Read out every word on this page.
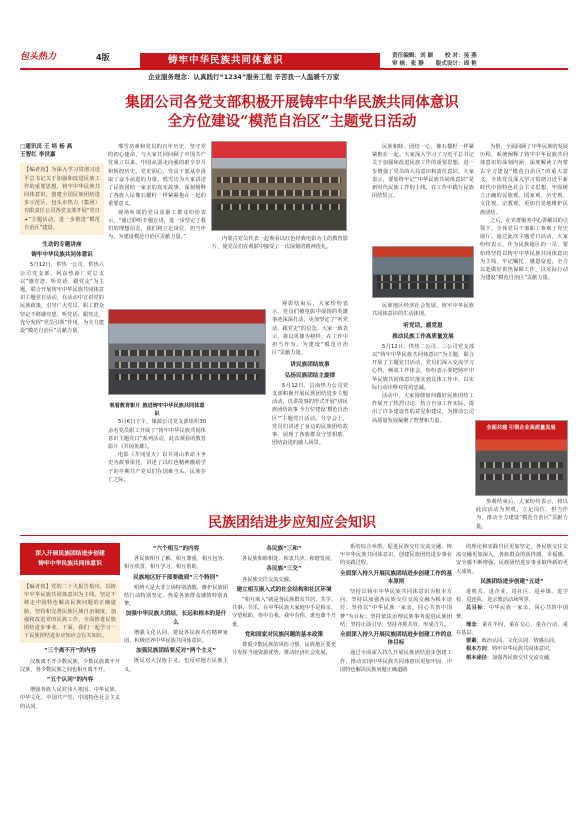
包头热力	4版	铸牢中华民族共同体意识	责任编辑：刘 颖 校 对：吴 燕
审 核：张 静 版式设计：周 艳
企业服务理念：认真践行“1234”服务工程 辛苦我一人温暖千万家
集团公司各党支部积极开展铸牢中华民族共同体意识
全方位建设“模范自治区”主题党日活动
□通讯员 王 培 杨 高
王智红 李世嘉
【编者按】为深入学习贯彻习近平总书记关于加强和改进民族工作的重要思想，铸牢中华民族共同体意识，创建全国民族团结进步示范区，包头市热力（集团）有限责任公司各党支部开展“党日+”主题活动，进一步推进“模范自治区”建设。
生动的专题讲座
铸牢中华民族共同体意识
5月12日，供热一公司、供热六公司党支部、阿东热源厂党总支以“感党恩、听党话、跟党走”为主题，联合开展铸牢中华民族共同体意识主题党日活动，在活动中宣讲党的民族政策，引导广大党员、职工群众坚定不移感党恩、听党话、跟党走，充分发挥“党员引领”作用，为全力建设“模范自治区”贡献力量。
邢雪功素和党员的百年历史、坚守党的初心使命，与大家共同回顾了中国共产党成立以来，中国从弱走向强的艰辛岁月和辉煌历史，党史润心，党员干部从中汲取了奋斗前进的力量。邢雪功为大家讲述了民族团结一家亲的真实故事，深刻阐释了各族人民像石榴籽一样紧紧抱在一起的重要意义。
现场听课的党员及职工群众纷纷表示，“通过聆听专题宣讲，进一步坚定了我们的理想信念，我们将立足岗位，担当作为，为建设模范自治区贡献力量。”
观看教育影片 推进铸牢中华民族共同体意识
5月6日下午，煤源公司党支部组织30余名党员职工开展了“铸牢中华民族共同体意识主题党日”系列活动，此次观看的教育影片《井冈英雄》。
电影《井冈星火》以井冈山革命斗争史为故事依托，讲述了以红色精神激励学子的早期共产党员们在国难当头、民族存亡之际，
内蒙古党员代表一起观看以红色经典电影为主的教育影片，使党员们在观影中接受了一次深刻的精神洗礼。
观影结束后，大家纷纷表示，党员们被电影中展现的英雄事迹深深打动，更加坚定了“听党话、跟党走”的信念。大家一致表示，将以英雄为榜样，在工作中担当作为，为建设“模范自治区”贡献力量。
讲民族团结故事
弘扬民族团结主旋律
5月12日，昌南热力公司党支部积极开展民族团结进步主题活动，以讲故事的形式开展“讲民族团结故事 全方位建设‘模范自治区’”主题党日活动。分享会上，党员们讲述了身边的民族团结故事，展现了各族群众守望相助、团结奋进的感人场景。
民族和睦、团结一心，像石榴籽一样紧紧抱在一起。大家深入学习了习近平总书记关于加强和改进民族工作的重要思想，进一步增强了党员的大局意识和责任意识。大家表示，要始终牢记“中华民族共同体意识”是新时代民族工作的主线，在工作中践行民族团结誓言。
民族地区经济社会发展，铸牢中华民族共同体意识的生动体现。
听党话，感党恩
推动民族工作高质量发展
5月12日，供热二公司、三公司党支部以“铸牢中华民族共同体意识”为主题，联合开展了主题党日活动，党员们深入交流学习心得，畅谈工作体会，纷纷表示要把铸牢中华民族共同体意识落实到具体工作中，以实际行动诠释对党的忠诚。
活动中，大家围绕如何做好民族团结工作展开了热烈讨论，结合自身工作实际，提出了许多建设性的意见和建议，为推动公司高质量发展凝聚了智慧和力量。
为帮，全面回顾了中华民族的发展历程，系统阐释了铸牢中华民族共同体意识的深刻内涵、深度解读了内蒙古全力建设“模范自治区”的重大意义。全体党员深入学习贯彻习近平新时代中国特色社会主义思想，牢固树立正确的民族观、国家观、历史观、文化观、宗教观，更加自觉地维护民族团结。
之后，在党群服务中心讲解员的引领下，全体党员干部职工参观了党史展厅，通过此次主题党日活动，大家纷纷表示，作为民族地区的一员，要始终坚持以铸牢中华民族共同体意识为主线，牢记嘱托、感恩奋进，全力以赴做好供热保障工作，以实际行动为建设“模范自治区”贡献力量。
全面共建 引领企业高质量发展
参观结束后，大家纷纷表示，将以此次活动为契机，立足岗位、担当作为，推动全力建设“模范自治区”贡献力量。
民族团结进步应知应会知识
深入开展民族团结进步创建
铸牢中华民族共同体意识
【编者按】党的二十大报告指出，以铸牢中华民族共同体意识为主线，坚定不移走中国特色解决民族问题的正确道路，坚持和完善民族区域自治制度，加强和改进党的民族工作，全面推进民族团结进步事业。下面，我们一起学习一下民族团结进步应知应会有关知识。
“三个离不开”的内容
汉族离不开少数民族，少数民族离不开汉族，各少数民族之间也相互离不开。
“五个认同”的内容
增强各族人民对伟大祖国、中华民族、中华文化、中国共产党、中国特色社会主义的认同。
“六个相互”的内容
各民族相互了解、相互尊重、相互包容、相互欣赏、相互学习、相互帮助。
民族地区好干部要做到“三个特别”
明辨大是大非立场特别清醒、维护民族团结行动特别坚定、热爱各族群众感情特别真挚。
加强中华民族大团结，长远和根本的是什么
增强文化认同，建设各民族共有精神家园，积极培养中华民族共同体意识。
加强民族团结要反对“两个主义”
既反对大汉族主义，也反对地方民族主义。
各民族“三和”
各民族和睦相处、和衷共济、和谐发展。
各民族“三交”
各民族交往交流交融。
建立相互嵌入式的社会结构和社区环境
“相互嵌入”就是各民族群众共居、共学、共事、共乐，在中华民族大家庭中手足相亲、守望相助。你中有我、我中有你，谁也离不开谁。
党和国家对民族问题的基本政策
尊重少数民族的风俗习惯，民族地区要充分发挥当地资源优势，推动经济社会发展。
系的综合举措，促进民族交往交流交融，铸牢中华民族共同体意识，创建民族团结进步事业的实践过程。
全面深入持久开展民族团结进步创建工作的基本原则
坚持以铸牢中华民族共同体意识为根本方向；坚持以加强各民族交往交流交融为根本途径；坚持以“中华民族一家亲，同心共筑中国梦”为目标；坚持依法治理民族事务促进民族团结；坚持正面引导；坚持齐抓共管，形成合力。
全面深入持久开展民族团结进步创建工作的总体目标
通过全面深入持久开展民族团结进步创建工作，推动实现中华民族共同体意识更加牢固、中国特色解决民族问题正确道路
的理论和实践自信更加坚定，各民族交往交流交融更加深入，各族群众的获得感、幸福感、安全感不断增强，民族团结进步事业取得新的更大成效。
民族团结进步创建“五进”
进机关、进企业、进社区、进乡镇、进学校、进连队、进宗教活动场所等。
总目标：中华民族一家亲，同心共筑中国梦。
理念：重在平时，重在交心，重在行动，重在基层。
要素：政治认同、文化认同、情感认同。
根本方向：铸牢中华民族共同体意识。
根本途径：加强各民族交往交流交融。
